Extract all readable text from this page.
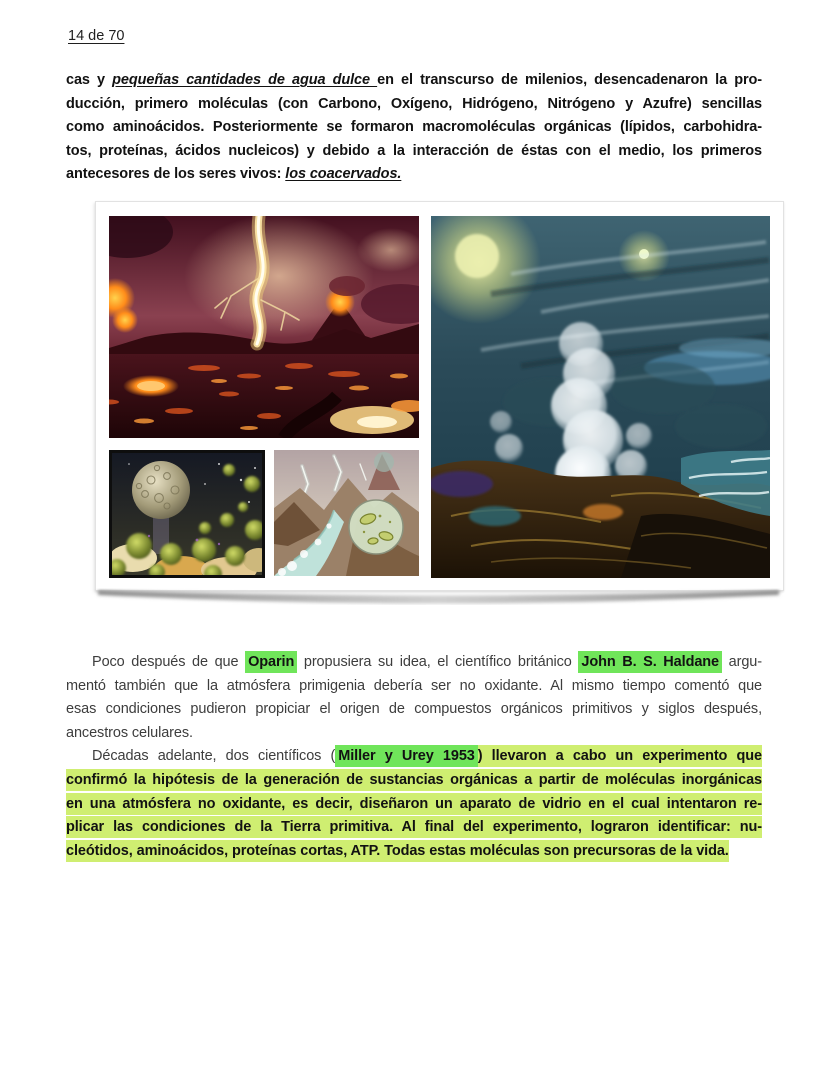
14 de 70
cas y pequeñas cantidades de agua dulce en el transcurso de milenios, desencadenaron la pro-
ducción, primero moléculas (con Carbono, Oxígeno, Hidrógeno, Nitrógeno y Azufre) sencillas
como aminoácidos. Posteriormente se formaron macromoléculas orgánicas (lípidos, carbohidra-
tos, proteínas, ácidos nucleicos) y debido a la interacción de éstas con el medio, los primeros
antecesores de los seres vivos: los coacervados.
Poco después de que Oparin propusiera su idea, el científico británico John B. S. Haldane argu-
mentó también que la atmósfera primigenia debería ser no oxidante. Al mismo tiempo comentó que
esas condiciones pudieron propiciar el origen de compuestos orgánicos primitivos y siglos después,
ancestros celulares.
Décadas adelante, dos científicos ( Miller y Urey 1953 ) llevaron a cabo un experimento que
confirmó la hipótesis de la generación de sustancias orgánicas a partir de moléculas inorgánicas
en una atmósfera no oxidante, es decir, diseñaron un aparato de vidrio en el cual intentaron re-
plicar las condiciones de la Tierra primitiva. Al final del experimento, lograron identificar: nu-
cleótidos, aminoácidos, proteínas cortas, ATP. Todas estas moléculas son precursoras de la vida.
